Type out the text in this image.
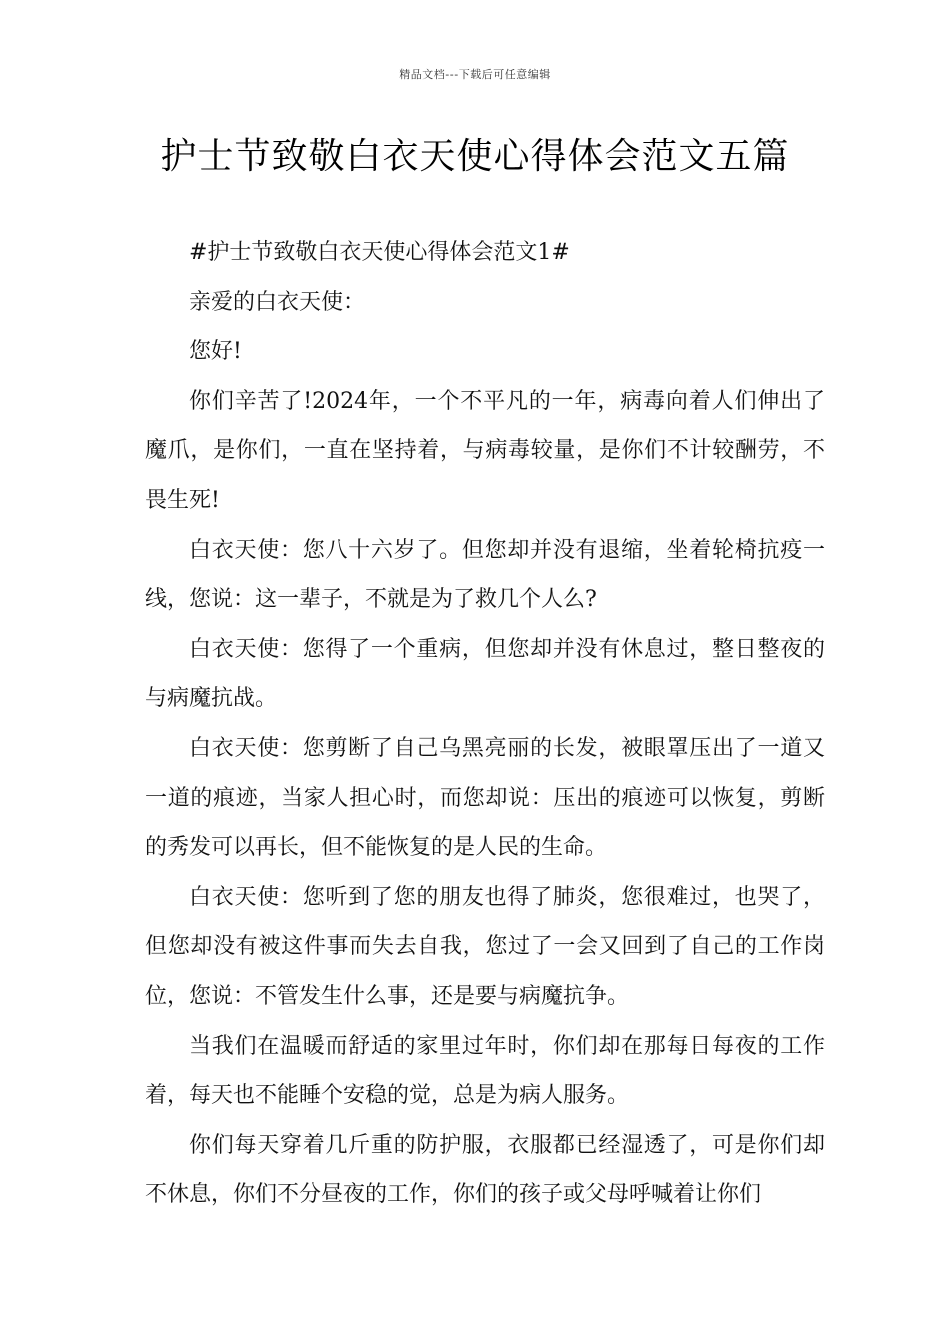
精品文档---下载后可任意编辑
护士节致敬白衣天使心得体会范文五篇

#护士节致敬白衣天使心得体会范文1#

亲爱的白衣天使：

您好!

你们辛苦了!2024年，一个不平凡的一年，病毒向着人们伸出了魔爪，是你们，一直在坚持着，与病毒较量，是你们不计较酬劳，不畏生死!

白衣天使：您八十六岁了。但您却并没有退缩，坐着轮椅抗疫一线，您说：这一辈子，不就是为了救几个人么?

白衣天使：您得了一个重病，但您却并没有休息过，整日整夜的与病魔抗战。

白衣天使：您剪断了自己乌黑亮丽的长发，被眼罩压出了一道又一道的痕迹，当家人担心时，而您却说：压出的痕迹可以恢复，剪断的秀发可以再长，但不能恢复的是人民的生命。

白衣天使：您听到了您的朋友也得了肺炎，您很难过，也哭了，但您却没有被这件事而失去自我，您过了一会又回到了自己的工作岗位，您说：不管发生什么事，还是要与病魔抗争。

当我们在温暖而舒适的家里过年时，你们却在那每日每夜的工作着，每天也不能睡个安稳的觉，总是为病人服务。

你们每天穿着几斤重的防护服，衣服都已经湿透了，可是你们却不休息，你们不分昼夜的工作，你们的孩子或父母呼喊着让你们
